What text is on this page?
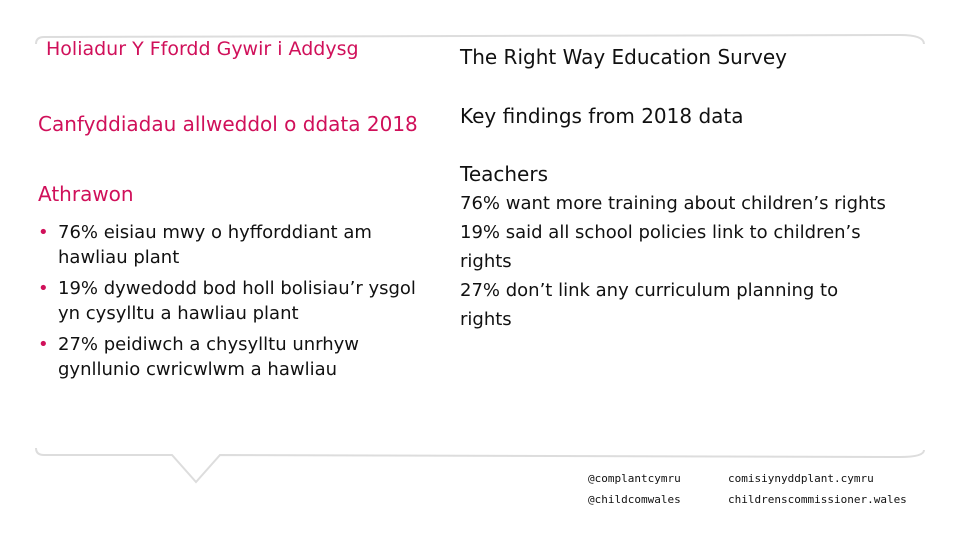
Holiadur Y Ffordd Gywir i Addysg	The Right Way Education Survey

Canfyddiadau allweddol o ddata 2018 Key findings from 2018 data

Athrawon

• 76% eisiau mwy o hyfforddiant am hawliau plant
• 19% dywedodd bod holl bolisiau’r ysgol yn cysylltu a hawliau plant
• 27% peidiwch a chysylltu unrhyw gynllunio cwricwlwm a hawliau

Teachers

76% want more training about children’s rights

19% said all school policies link to children’s

rights

27% don’t link any curriculum planning to

rights

@complantcymru
@childcomwales
comisiynyddplant.cymru
childrenscommissioner.wales
